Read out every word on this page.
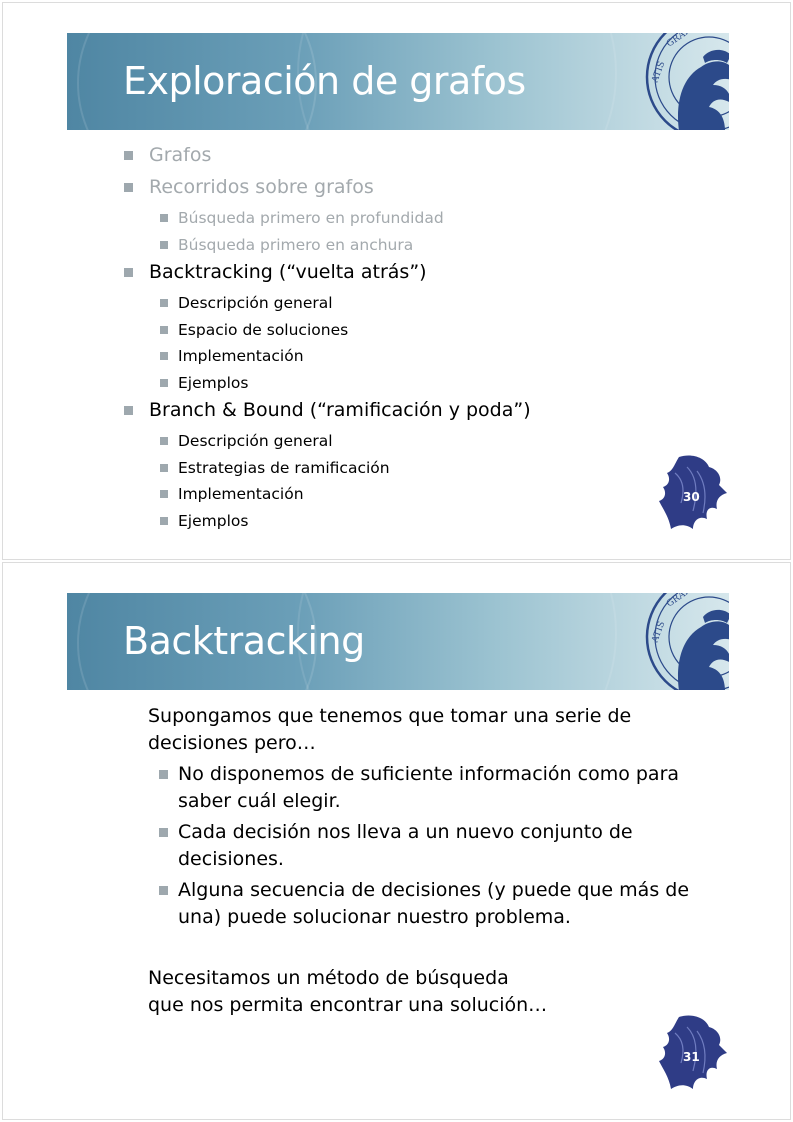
Exploración de grafos	ATIS
GRAN ATEN
Grafos
Recorridos sobre grafos
Búsqueda primero en profundidad
Búsqueda primero en anchura
Backtracking (“vuelta atrás”)
Descripción general
Espacio de soluciones
Implementación
Ejemplos
Branch & Bound (“ramificación y poda”)
Descripción general
Estrategias de ramificación
Implementación
Ejemplos
30
Backtracking	ATIS
GRAN ATEN
Supongamos que tenemos que tomar una serie de
decisiones pero…
No disponemos de suficiente información como para
saber cuál elegir.
Cada decisión nos lleva a un nuevo conjunto de
decisiones.
Alguna secuencia de decisiones (y puede que más de
una) puede solucionar nuestro problema.
Necesitamos un método de búsqueda
que nos permita encontrar una solución…
31
